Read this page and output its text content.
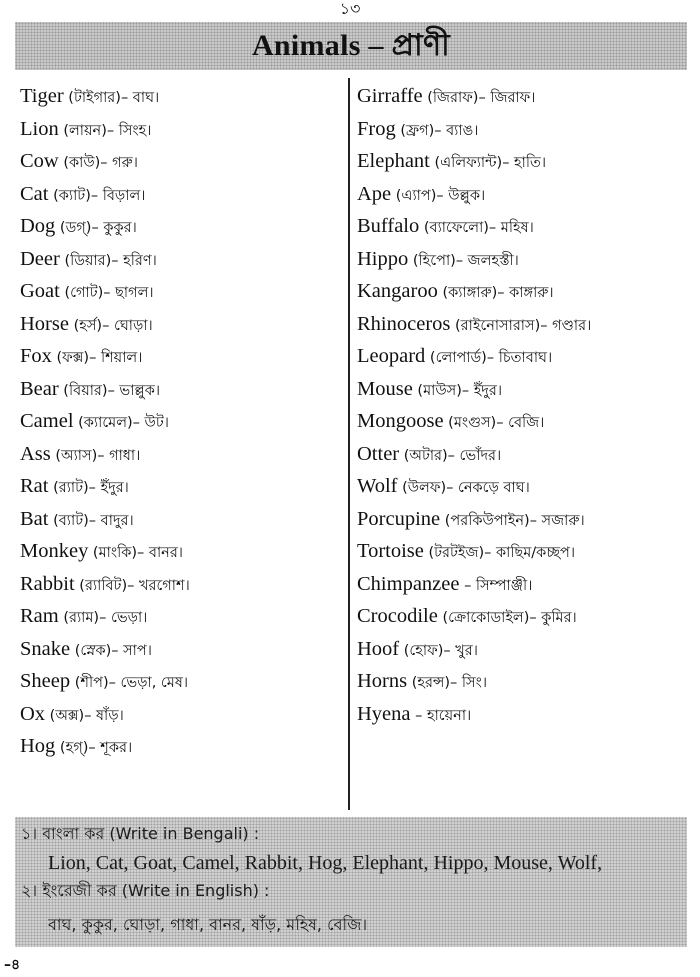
১৩
Animals – প্রাণী
Tiger (টাইগার)– বাঘ।
Lion (লায়ন)– সিংহ।
Cow (কাউ)– গরু।
Cat (ক্যাট)– বিড়াল।
Dog (ডগ্)– কুকুর।
Deer (ডিয়ার)– হরিণ।
Goat (গোট)– ছাগল।
Horse (হর্স)– ঘোড়া।
Fox (ফক্স)– শিয়াল।
Bear (বিয়ার)– ভাল্লুক।
Camel (ক্যামেল)– উট।
Ass (অ্যাস)– গাধা।
Rat (র‍্যাট)– ইঁদুর।
Bat (ব্যাট)– বাদুর।
Monkey (মাংকি)– বানর।
Rabbit (র‍্যাবিট)– খরগোশ।
Ram (র‍্যাম)– ভেড়া।
Snake (স্নেক)– সাপ।
Sheep (শীপ)– ভেড়া, মেষ।
Ox (অক্স)– ষাঁড়।
Hog (হগ্)– শূকর।
Girraffe (জিরাফ)– জিরাফ।
Frog (ফ্রগ)– ব্যাঙ।
Elephant (এলিফ্যান্ট)– হাতি।
Ape (এ্যাপ)– উল্লুক।
Buffalo (ব্যাফেলো)– মহিষ।
Hippo (হিপো)– জলহস্তী।
Kangaroo (ক্যাঙ্গারু)– কাঙ্গারু।
Rhinoceros (রাইনোসারাস)– গণ্ডার।
Leopard (লোপার্ড)– চিতাবাঘ।
Mouse (মাউস)– ইঁদুর।
Mongoose (মংগুস)– বেজি।
Otter (অটার)– ভোঁদর।
Wolf (উলফ)– নেকড়ে বাঘ।
Porcupine (পরকিউপাইন)– সজারু।
Tortoise (টরটইজ)– কাছিম/কচ্ছপ।
Chimpanzee – সিম্পাঞ্জী।
Crocodile (ক্রোকোডাইল)– কুমির।
Hoof (হোফ)– খুর।
Horns (হরন্স)– সিং।
Hyena – হায়েনা।
১। বাংলা কর (Write in Bengali) :
Lion, Cat, Goat, Camel, Rabbit, Hog, Elephant, Hippo, Mouse, Wolf,
২। ইংরেজী কর (Write in English) :
বাঘ, কুকুর, ঘোড়া, গাধা, বানর, ষাঁড়, মহিষ, বেজি।
–৪
